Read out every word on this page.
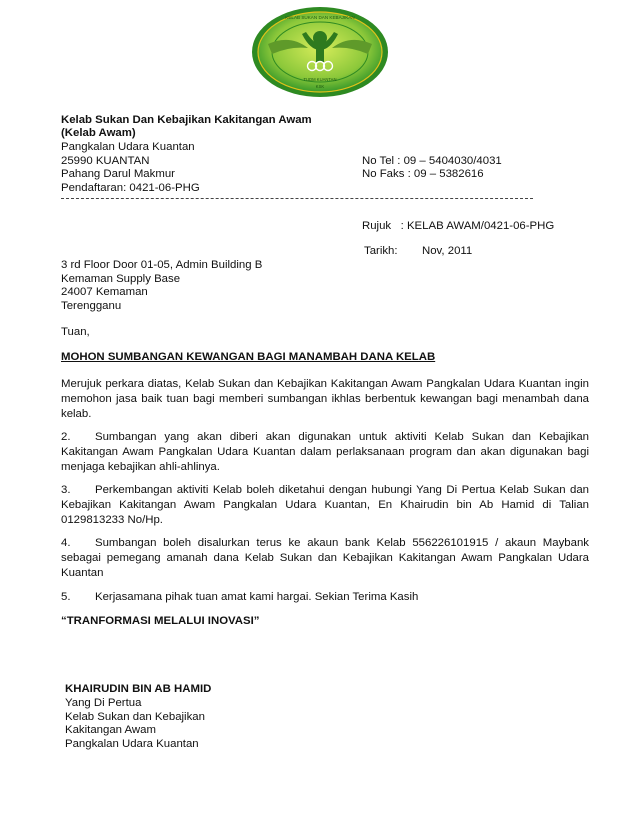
KELAB SUKAN DAN KEBAJIKAN
TUDM KUANTAN
KSK
Kelab Sukan Dan Kebajikan Kakitangan Awam
(Kelab Awam)
Pangkalan Udara Kuantan
25990 KUANTAN
Pahang Darul Makmur
Pendaftaran: 0421-06-PHG
No Tel : 09 – 5404030/4031
No Faks : 09 – 5382616
Rujuk   : KELAB AWAM/0421-06-PHG
Tarikh: Nov, 2011
3 rd Floor Door 01-05, Admin Building B
Kemaman Supply Base
24007 Kemaman
Terengganu
Tuan,
MOHON SUMBANGAN KEWANGAN BAGI MANAMBAH DANA KELAB
Merujuk perkara diatas, Kelab Sukan dan Kebajikan Kakitangan Awam Pangkalan Udara Kuantan ingin memohon jasa baik tuan bagi memberi sumbangan ikhlas berbentuk kewangan bagi menambah dana kelab.
2. Sumbangan yang akan diberi akan digunakan untuk aktiviti Kelab Sukan dan Kebajikan Kakitangan Awam Pangkalan Udara Kuantan dalam perlaksanaan program dan akan digunakan bagi menjaga kebajikan ahli-ahlinya.
3. Perkembangan aktiviti Kelab boleh diketahui dengan hubungi Yang Di Pertua Kelab Sukan dan Kebajikan Kakitangan Awam Pangkalan Udara Kuantan, En Khairudin bin Ab Hamid di Talian 0129813233 No/Hp.
4. Sumbangan boleh disalurkan terus ke akaun bank Kelab 556226101915 / akaun Maybank sebagai pemegang amanah dana Kelab Sukan dan Kebajikan Kakitangan Awam Pangkalan Udara Kuantan
5. Kerjasamana pihak tuan amat kami hargai. Sekian Terima Kasih
“TRANFORMASI MELALUI INOVASI”
KHAIRUDIN BIN AB HAMID
Yang Di Pertua
Kelab Sukan dan Kebajikan
Kakitangan Awam
Pangkalan Udara Kuantan
